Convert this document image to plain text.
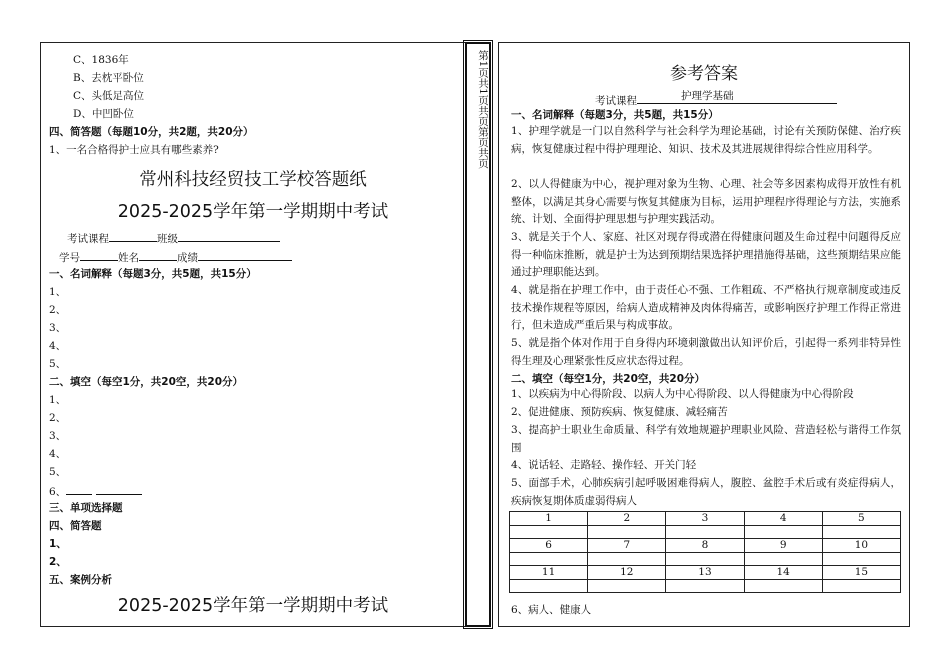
C、1836年
B、去枕平卧位
C、头低足高位
D、中凹卧位
四、简答题（每题10分，共2题，共20分）
1、一名合格得护士应具有哪些素养?
常州科技经贸技工学校答题纸
2025-2025学年第一学期期中考试
考试课程	班级
学号	姓名	成绩
一、名词解释（每题3分，共5题，共15分）
1、
2、
3、
4、
5、
二、填空（每空1分，共20空，共20分）
1、
2、
3、
4、
5、
6、
三、单项选择题
四、简答题
1、
2、
五、案例分析
2025-2025学年第一学期期中考试
第1页共1页共页第页共页	参考答案
考试课程	护理学基础
一、名词解释（每题3分，共5题，共15分）
1、护理学就是一门以自然科学与社会科学为理论基础，讨论有关预防保健、治疗疾病，恢复健康过程中得护理理论、知识、技术及其进展规律得综合性应用科学。
2、以人得健康为中心，视护理对象为生物、心理、社会等多因素构成得开放性有机整体，以满足其身心需要与恢复其健康为目标，运用护理程序得理论与方法，实施系统、计划、全面得护理思想与护理实践活动。
3、就是关于个人、家庭、社区对现存得或潜在得健康问题及生命过程中问题得反应得一种临床推断，就是护士为达到预期结果选择护理措施得基础，这些预期结果应能通过护理职能达到。
4、就是指在护理工作中，由于责任心不强、工作粗疏、不严格执行规章制度或违反技术操作规程等原因，给病人造成精神及肉体得痛苦，或影响医疗护理工作得正常进行，但未造成严重后果与构成事故。
5、就是指个体对作用于自身得内环境刺激做出认知评价后，引起得一系列非特异性得生理及心理紧张性反应状态得过程。
二、填空（每空1分，共20空，共20分）
1、以疾病为中心得阶段、以病人为中心得阶段、以人得健康为中心得阶段
2、促进健康、预防疾病、恢复健康、减轻痛苦
3、提高护士职业生命质量、科学有效地规避护理职业风险、营造轻松与谐得工作氛围
4、说话轻、走路轻、操作轻、开关门轻
5、面部手术，心肺疾病引起呼吸困难得病人，腹腔、盆腔手术后或有炎症得病人，疾病恢复期体质虚弱得病人
1	2	3	4	5

6	7	8	9	10

11	12	13	14	15

6、病人、健康人
